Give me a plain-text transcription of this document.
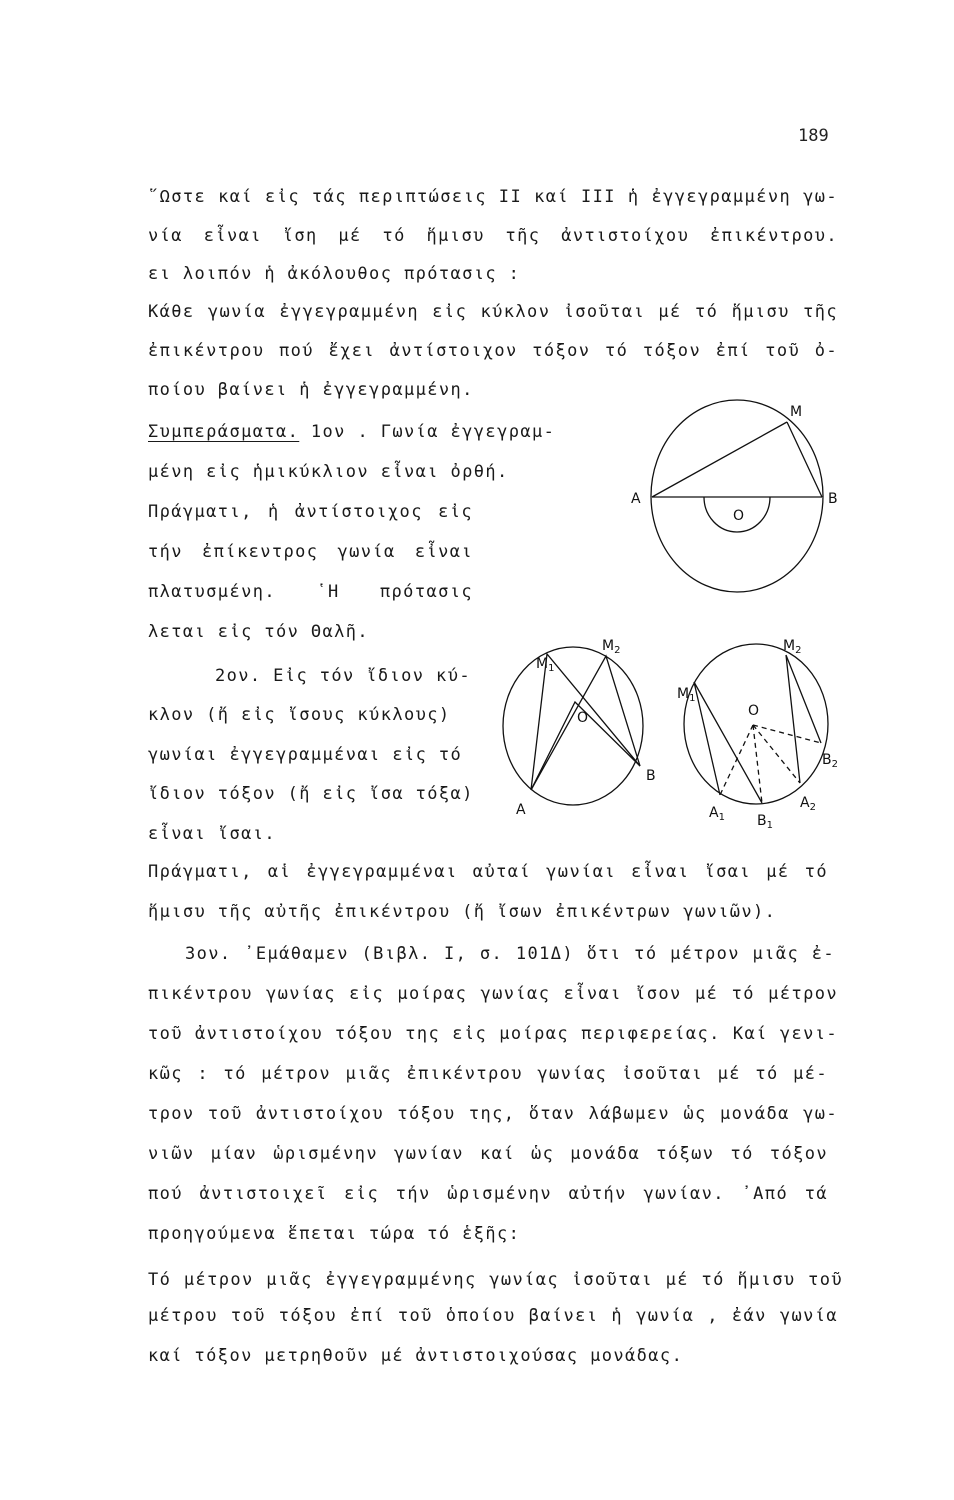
189
῞Ωστε καί εἰς τάς περιπτώσεις ΙΙ καί ΙΙΙ ἡ ἐγγεγραμμένη γω-
νία εἶναι ἴση μέ τό ἥμισυ τῆς ἀντιστοίχου ἐπικέντρου.
ει λοιπόν ἡ ἀκόλουθος πρότασις :
Κάθε γωνία ἐγγεγραμμένη εἰς κύκλον ἰσοῦται μέ τό ἥμισυ τῆς
ἐπικέντρου πού ἔχει ἀντίστοιχον τόξον τό τόξον ἐπί τοῦ ὀ-
ποίου βαίνει ἡ ἐγγεγραμμένη.
Συμπεράσματα. 1ον . Γωνία ἐγγεγραμ-
μένη εἰς ἡμικύκλιον εἶναι ὀρθή.
Πράγματι, ἡ ἀντίστοιχος εἰς
τήν ἐπίκεντρος γωνία εἶναι
πλατυσμένη. ῾Η πρότασις
λεται εἰς τόν Θαλῆ.
2ον. Εἰς τόν ἴδιον κύ-
κλον (ἤ εἰς ἴσους κύκλους)
γωνίαι ἐγγεγραμμέναι εἰς τό
ἴδιον τόξον (ἤ εἰς ἴσα τόξα)
εἶναι ἴσαι.
Πράγματι, αἱ ἐγγεγραμμέναι αὐταί γωνίαι εἶναι ἴσαι μέ τό
ἥμισυ τῆς αὐτῆς ἐπικέντρου (ἤ ἴσων ἐπικέντρων γωνιῶν).
3ον. ᾿Εμάθαμεν (Βιβλ. Ι, σ. 101Δ) ὅτι τό μέτρον μιᾶς ἐ-
πικέντρου γωνίας εἰς μοίρας γωνίας εἶναι ἴσον μέ τό μέτρον
τοῦ ἀντιστοίχου τόξου της εἰς μοίρας περιφερείας. Καί γενι-
κῶς : τό μέτρον μιᾶς ἐπικέντρου γωνίας ἰσοῦται μέ τό μέ-
τρον τοῦ ἀντιστοίχου τόξου της, ὅταν λάβωμεν ὡς μονάδα γω-
νιῶν μίαν ὡρισμένην γωνίαν καί ὡς μονάδα τόξων τό τόξον
πού ἀντιστοιχεῖ εἰς τήν ὡρισμένην αὐτήν γωνίαν. ᾿Από τά
προηγούμενα ἕπεται τώρα τό ἑξῆς:
Τό μέτρον μιᾶς ἐγγεγραμμένης γωνίας ἰσοῦται μέ τό ἥμισυ τοῦ
μέτρου τοῦ τόξου ἐπί τοῦ ὁποίου βαίνει ἡ γωνία , ἐάν γωνία
καί τόξον μετρηθοῦν μέ ἀντιστοιχούσας μονάδας.
M
A	B
O
$M_1$
$M_2$
A
B
O
$M_1$
$M_2$
O
$A_1$ $B_1$
$A_2$
$B_2$
